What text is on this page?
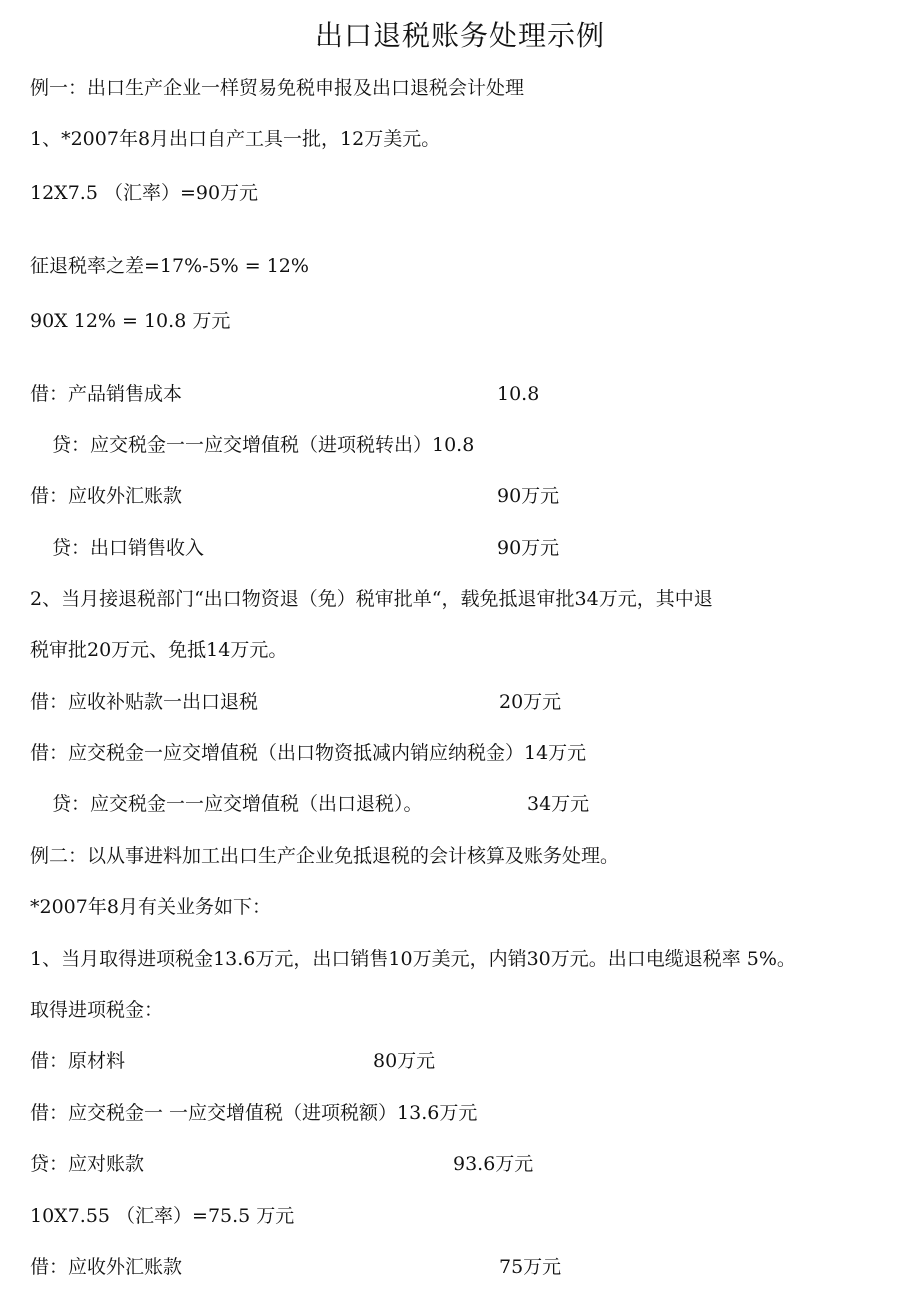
出口退税账务处理示例
例一：出口生产企业一样贸易免税申报及出口退税会计处理
1、*2007年8月出口自产工具一批，12万美元。
12X7.5 （汇率）=90万元
征退税率之差=17%-5% = 12%
90X 12% = 10.8 万元
借：产品销售成本	10.8
贷：应交税金一一应交增值税（进项税转出）10.8
借：应收外汇账款	90万元
贷：出口销售收入	90万元
2、当月接退税部门“出口物资退（免）税审批单“，载免抵退审批34万元，其中退
税审批20万元、免抵14万元。
借：应收补贴款一出口退税	20万元
借：应交税金一应交增值税（出口物资抵减内销应纳税金）14万元
贷：应交税金一一应交增值税（出口退税）。	34万元
例二：以从事进料加工出口生产企业免抵退税的会计核算及账务处理。
*2007年8月有关业务如下：
1、当月取得进项税金13.6万元，出口销售10万美元，内销30万元。出口电缆退税率 5%。
取得进项税金：
借：原材料	80万元
借：应交税金一 一应交增值税（进项税额）13.6万元
贷：应对账款	93.6万元
10X7.55 （汇率）=75.5 万元
借：应收外汇账款	75万元
